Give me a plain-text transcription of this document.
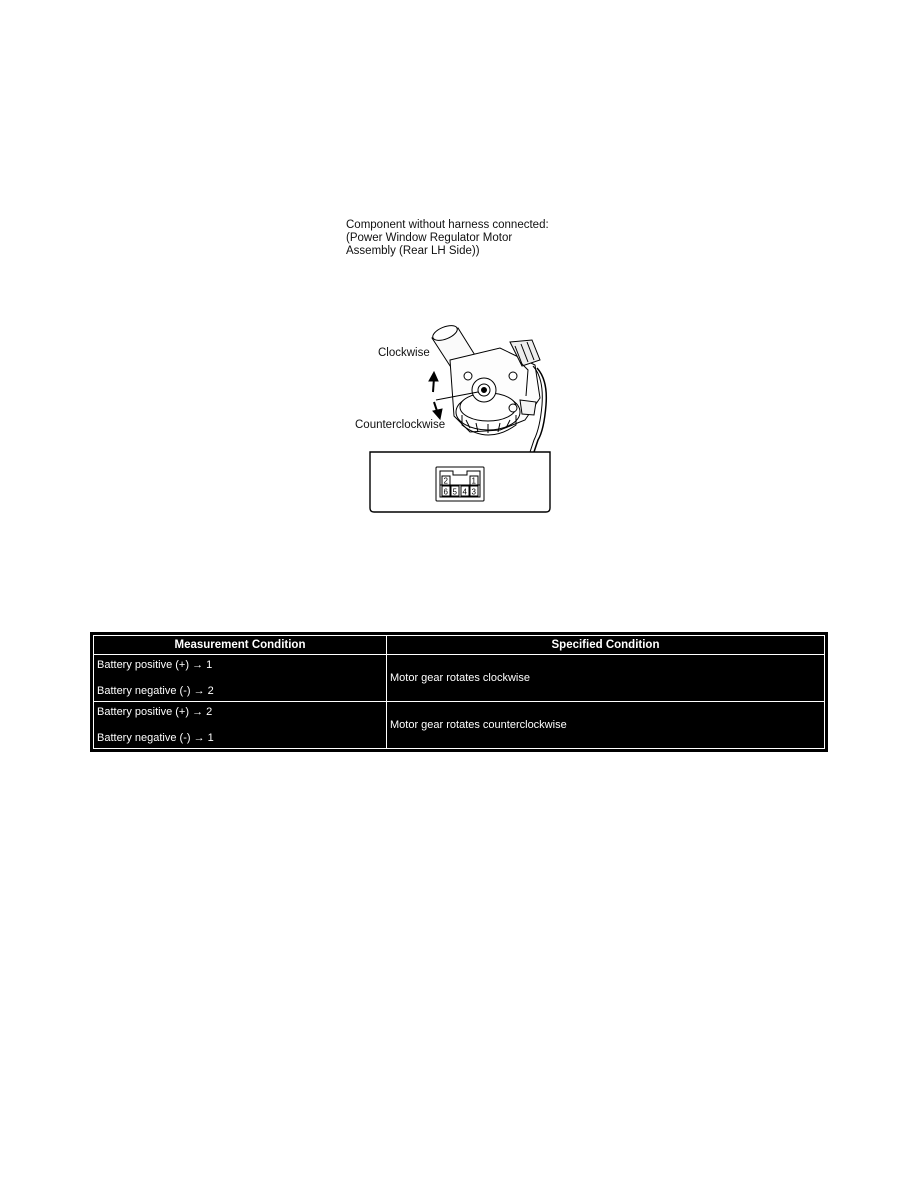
Component without harness connected:
(Power Window Regulator Motor
Assembly (Rear LH Side))
2	1
6 5 4 3
Clockwise
Counterclockwise
Measurement Condition	Specified Condition

Battery positive (+) → 1
Battery negative (-) → 2	Motor gear rotates clockwise

Battery positive (+) → 2
Battery negative (-) → 1	Motor gear rotates counterclockwise
